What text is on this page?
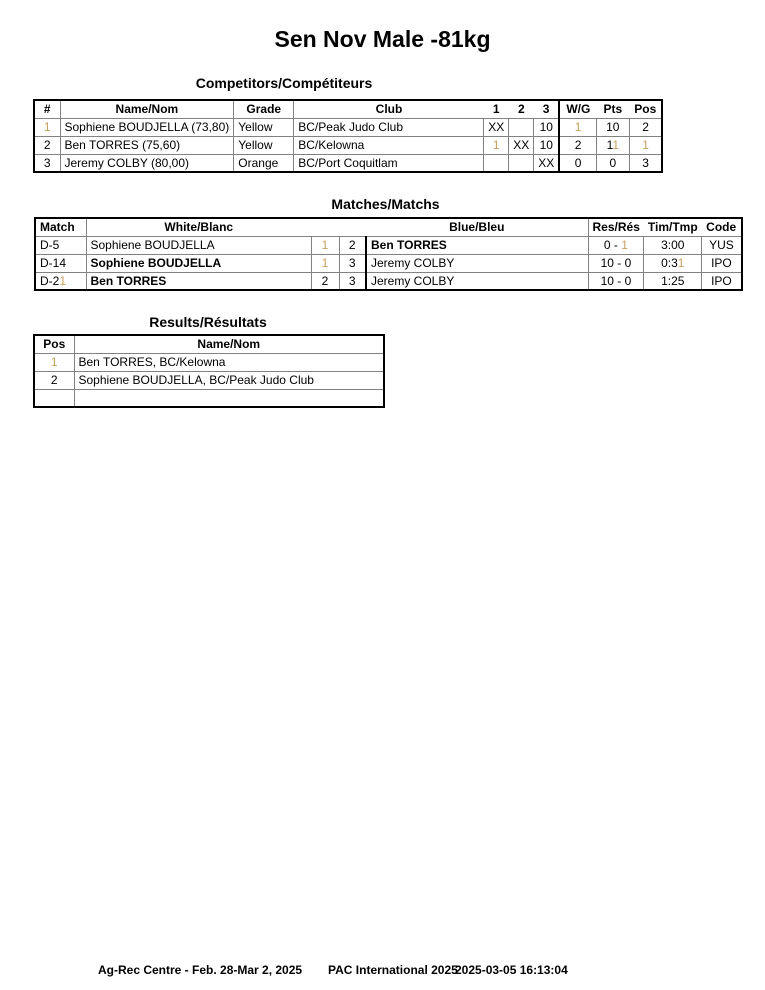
Sen Nov Male -81kg
Competitors/Compétiteurs
#	Name/Nom	Grade	Club	1	2	3	W/G	Pts	Pos
1	Sophiene BOUDJELLA (73,80)	Yellow	BC/Peak Judo Club	XX		10	1	10	2
2	Ben TORRES (75,60)	Yellow	BC/Kelowna	1	XX	10	2	11	1
3	Jeremy COLBY (80,00)	Orange	BC/Port Coquitlam			XX	0	0	3
Matches/Matchs
Match	White/Blanc			Blue/Bleu	Res/Rés	Tim/Tmp	Code
D-5	Sophiene BOUDJELLA	1	2	Ben TORRES	0 - 1	3:00	YUS
D-14	Sophiene BOUDJELLA	1	3	Jeremy COLBY	10 - 0	0:31	IPO
D-21	Ben TORRES	2	3	Jeremy COLBY	10 - 0	1:25	IPO
Results/Résultats
Pos	Name/Nom
1	Ben TORRES, BC/Kelowna
2	Sophiene BOUDJELLA, BC/Peak Judo Club

Ag-Rec Centre - Feb. 28-Mar 2, 2025 PAC International 2025
2025-03-05 16:13:04
